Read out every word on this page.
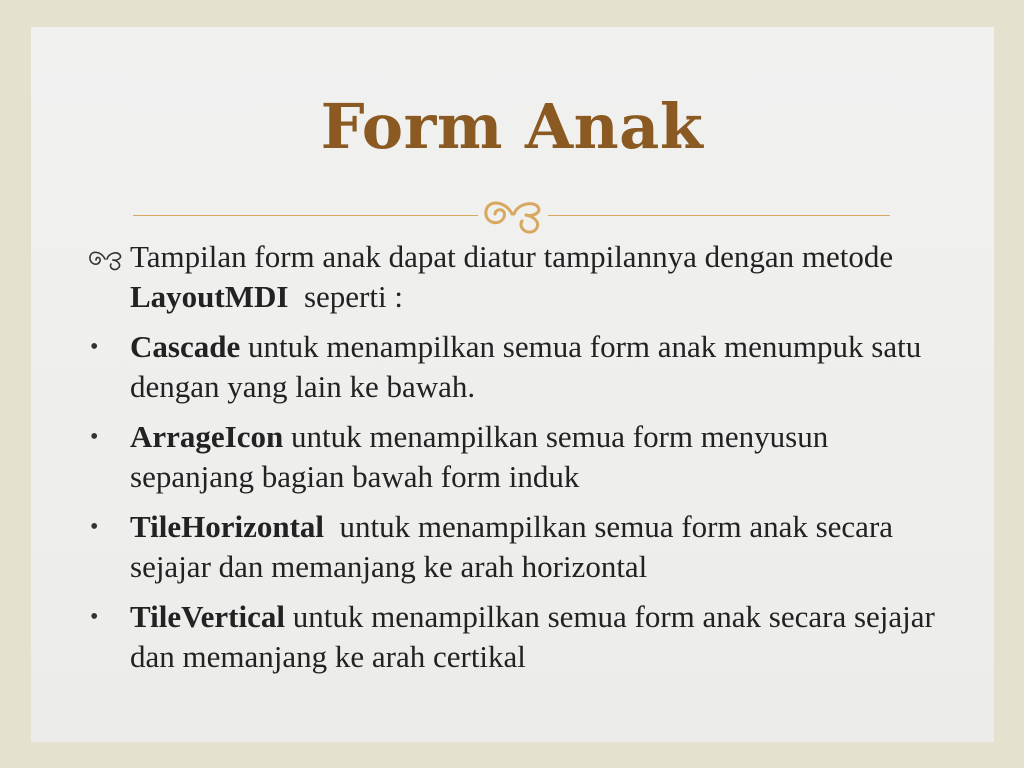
Form Anak
Tampilan form anak dapat diatur tampilannya dengan metode LayoutMDI  seperti :
•	Cascade untuk menampilkan semua form anak menumpuk satu dengan yang lain ke bawah.
•	ArrageIcon untuk menampilkan semua form menyusun sepanjang bagian bawah form induk
•	TileHorizontal  untuk menampilkan semua form anak secara sejajar dan memanjang ke arah horizontal
•	TileVertical untuk menampilkan semua form anak secara sejajar dan memanjang ke arah certikal
